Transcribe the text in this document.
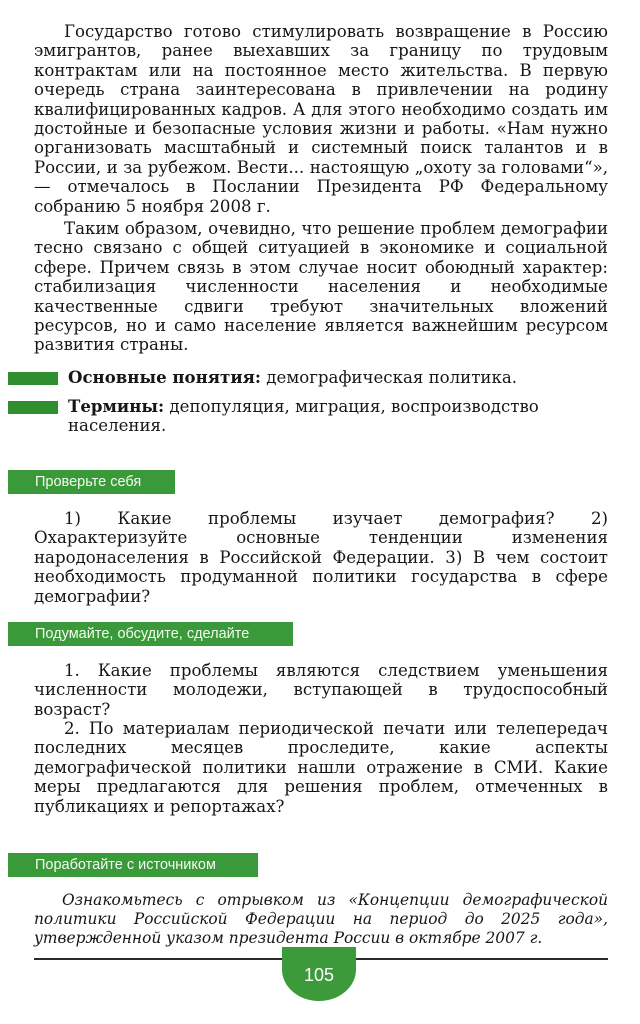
Государство готово стимулировать возвращение в Россию эмигрантов, ранее выехавших за границу по трудовым контрактам или на постоянное место жительства. В первую очередь страна заинтересована в привлечении на родину квалифицированных кадров. А для этого необходимо создать им достойные и безопасные условия жизни и работы. «Нам нужно организовать масштабный и системный поиск талантов и в России, и за рубежом. Вести... настоящую „охоту за головами“», — отмечалось в Послании Президента РФ Федеральному собранию 5 ноября 2008 г.

Таким образом, очевидно, что решение проблем демографии тесно связано с общей ситуацией в экономике и социальной сфере. Причем связь в этом случае носит обоюдный характер: стабилизация численности населения и необходимые качественные сдвиги требуют значительных вложений ресурсов, но и само население является важнейшим ресурсом развития страны.

Основные понятия: демографическая политика.

Термины: депопуляция, миграция, воспроизводство населения.

Проверьте себя

1) Какие проблемы изучает демография? 2) Охарактеризуйте основные тенденции изменения народонаселения в Российской Федерации. 3) В чем состоит необходимость продуманной политики государства в сфере демографии?

Подумайте, обсудите, сделайте

1. Какие проблемы являются следствием уменьшения численности молодежи, вступающей в трудоспособный возраст?

2. По материалам периодической печати или телепередач последних месяцев проследите, какие аспекты демографической политики нашли отражение в СМИ. Какие меры предлагаются для решения проблем, отмеченных в публикациях и репортажах?

Поработайте с источником

Ознакомьтесь с отрывком из «Концепции демографической политики Российской Федерации на период до 2025 года», утвержденной указом президента России в октябре 2007 г.

105
